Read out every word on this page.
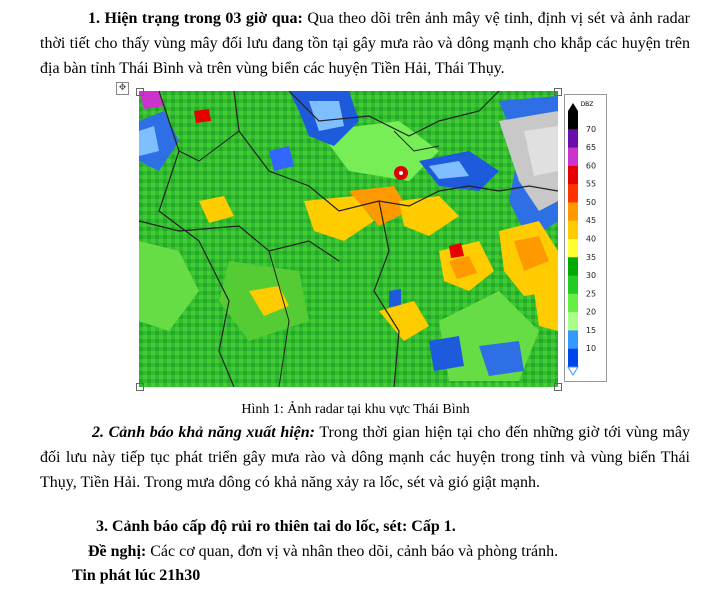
1. Hiện trạng trong 03 giờ qua: Qua theo dõi trên ảnh mây vệ tinh, định vị sét và ảnh radar thời tiết cho thấy vùng mây đối lưu đang tồn tại gây mưa rào và dông mạnh cho khắp các huyện trên địa bàn tỉnh Thái Bình và trên vùng biển các huyện Tiền Hải, Thái Thụy.

✥
DBZ
70
65
60
55
50
45
40
35
30
25
20
15
10
Hình 1: Ảnh radar tại khu vực Thái Bình

2. Cảnh báo khả năng xuất hiện: Trong thời gian hiện tại cho đến những giờ tới vùng mây đối lưu này tiếp tục phát triển gây mưa rào và dông mạnh các huyện trong tỉnh và vùng biển Thái Thụy, Tiền Hải. Trong mưa dông có khả năng xảy ra lốc, sét và gió giật mạnh.

3. Cảnh báo cấp độ rủi ro thiên tai do lốc, sét: Cấp 1.
Đề nghị: Các cơ quan, đơn vị và nhân theo dõi, cảnh báo và phòng tránh.
Tin phát lúc 21h30
